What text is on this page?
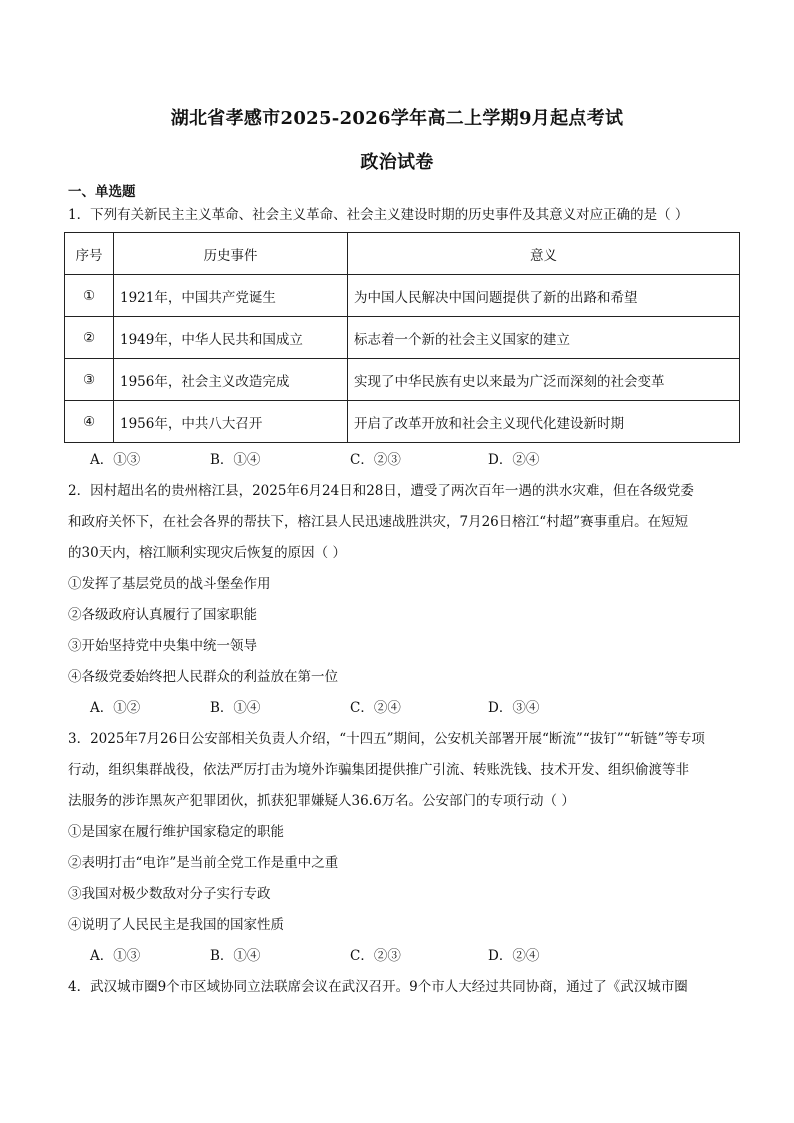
湖北省孝感市2025-2026学年高二上学期9月起点考试
政治试卷
一、单选题
1．下列有关新民主主义革命、社会主义革命、社会主义建设时期的历史事件及其意义对应正确的是（ ）
序号	历史事件	意义
①	1921年，中国共产党诞生	为中国人民解决中国问题提供了新的出路和希望
②	1949年，中华人民共和国成立	标志着一个新的社会主义国家的建立
③	1956年，社会主义改造完成	实现了中华民族有史以来最为广泛而深刻的社会变革
④	1956年，中共八大召开	开启了改革开放和社会主义现代化建设新时期
A．①③	B．①④	C．②③	D．②④
2．因村超出名的贵州榕江县，2025年6月24日和28日，遭受了两次百年一遇的洪水灾难，但在各级党委
和政府关怀下，在社会各界的帮扶下，榕江县人民迅速战胜洪灾，7月26日榕江“村超”赛事重启。在短短
的30天内，榕江顺利实现灾后恢复的原因（ ）
①发挥了基层党员的战斗堡垒作用
②各级政府认真履行了国家职能
③开始坚持党中央集中统一领导
④各级党委始终把人民群众的利益放在第一位
A．①②	B．①④	C．②④	D．③④
3．2025年7月26日公安部相关负责人介绍，“十四五”期间，公安机关部署开展“断流”“拔钉”“斩链”等专项
行动，组织集群战役，依法严厉打击为境外诈骗集团提供推广引流、转账洗钱、技术开发、组织偷渡等非
法服务的涉诈黑灰产犯罪团伙，抓获犯罪嫌疑人36.6万名。公安部门的专项行动（ ）
①是国家在履行维护国家稳定的职能
②表明打击“电诈”是当前全党工作是重中之重
③我国对极少数敌对分子实行专政
④说明了人民民主是我国的国家性质
A．①③	B．①④	C．②③	D．②④
4．武汉城市圈9个市区域协同立法联席会议在武汉召开。9个市人大经过共同协商，通过了《武汉城市圈
